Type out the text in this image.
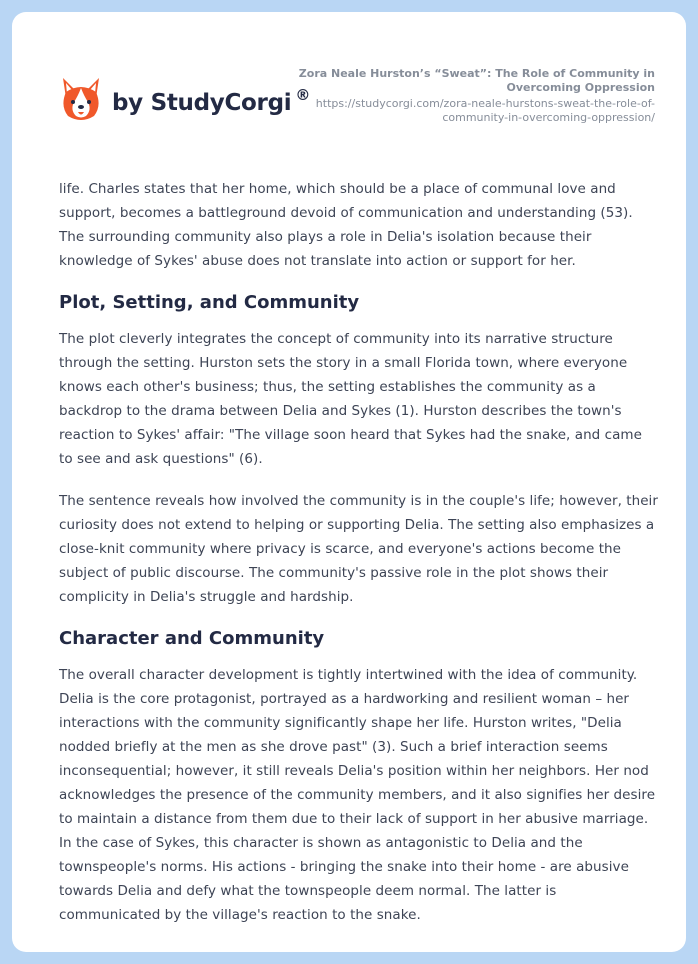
by StudyCorgi ®
Zora Neale Hurston’s “Sweat”: The Role of Community in Overcoming Oppression
https://studycorgi.com/zora-neale-hurstons-sweat-the-role-of-community-in-overcoming-oppression/

life. Charles states that her home, which should be a place of communal love and support, becomes a battleground devoid of communication and understanding (53). The surrounding community also plays a role in Delia's isolation because their knowledge of Sykes' abuse does not translate into action or support for her.

Plot, Setting, and Community

The plot cleverly integrates the concept of community into its narrative structure through the setting. Hurston sets the story in a small Florida town, where everyone knows each other's business; thus, the setting establishes the community as a backdrop to the drama between Delia and Sykes (1). Hurston describes the town's reaction to Sykes' affair: "The village soon heard that Sykes had the snake, and came to see and ask questions" (6).

The sentence reveals how involved the community is in the couple's life; however, their curiosity does not extend to helping or supporting Delia. The setting also emphasizes a close-knit community where privacy is scarce, and everyone's actions become the subject of public discourse. The community's passive role in the plot shows their complicity in Delia's struggle and hardship.

Character and Community

The overall character development is tightly intertwined with the idea of community. Delia is the core protagonist, portrayed as a hardworking and resilient woman – her interactions with the community significantly shape her life. Hurston writes, "Delia nodded briefly at the men as she drove past" (3). Such a brief interaction seems inconsequential; however, it still reveals Delia's position within her neighbors. Her nod acknowledges the presence of the community members, and it also signifies her desire to maintain a distance from them due to their lack of support in her abusive marriage. In the case of Sykes, this character is shown as antagonistic to Delia and the townspeople's norms. His actions - bringing the snake into their home - are abusive towards Delia and defy what the townspeople deem normal. The latter is communicated by the village's reaction to the snake.
